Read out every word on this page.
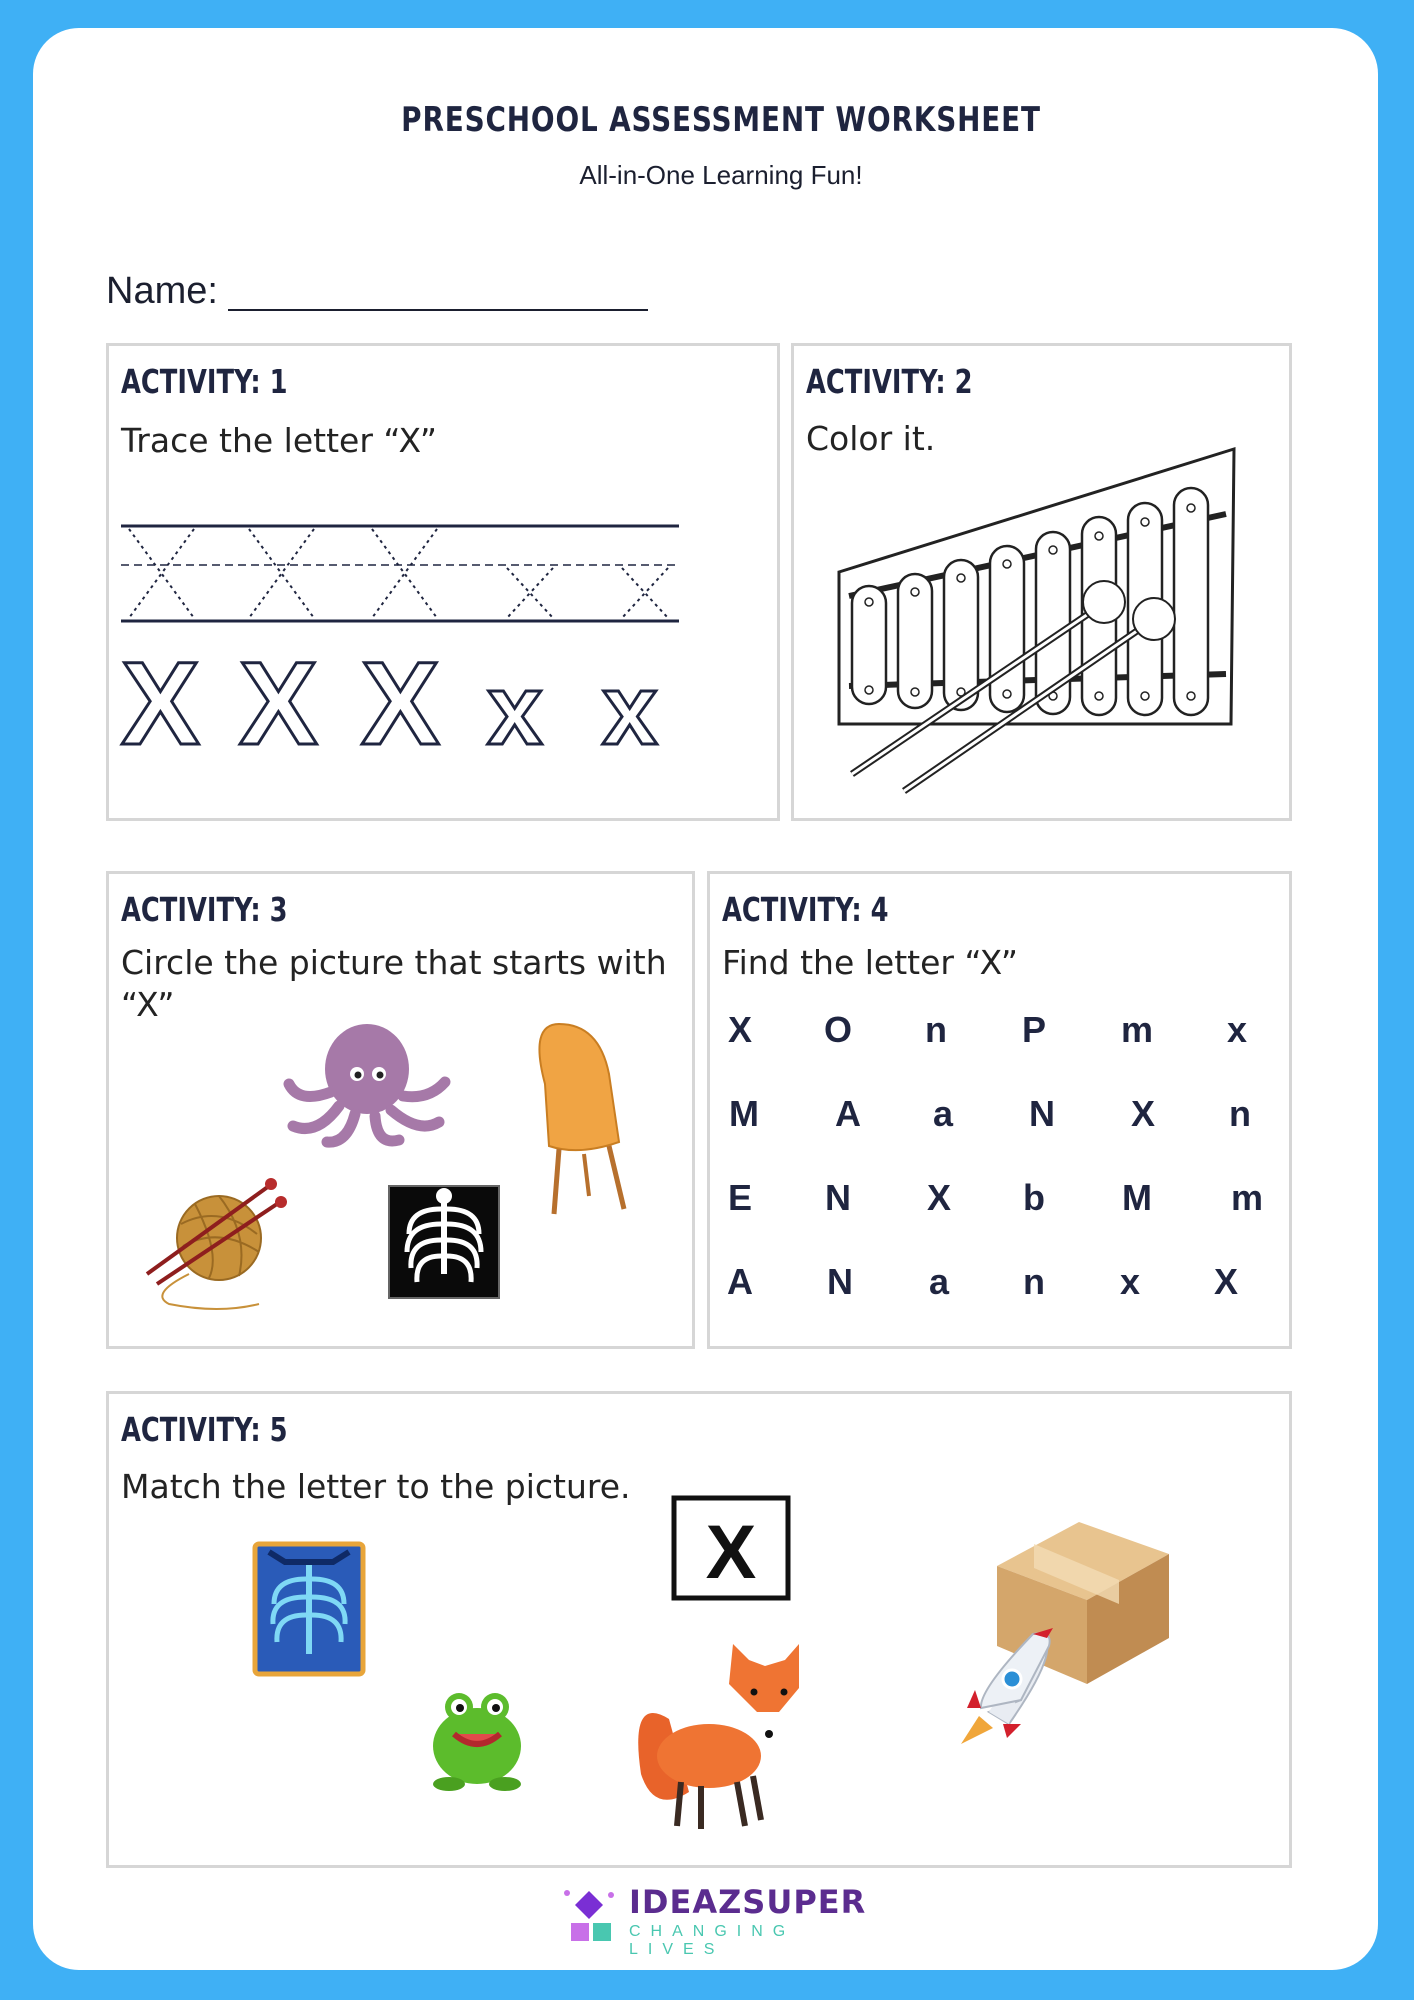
PRESCHOOL ASSESSMENT WORKSHEET
All-in-One Learning Fun!
Name:
ACTIVITY: 1
Trace the letter “X”
X X X x x
ACTIVITY: 2
Color it.
ACTIVITY: 3
Circle the picture that starts with “X”
ACTIVITY: 4
Find the letter “X”
X	O	n	P	m	x
M	A	a	N	X	n
E	N	X	b	M	m
A	N	a	n	x	X
ACTIVITY: 5
Match the letter to the picture.
X
IDEAZSUPER
CHANGING LIVES
